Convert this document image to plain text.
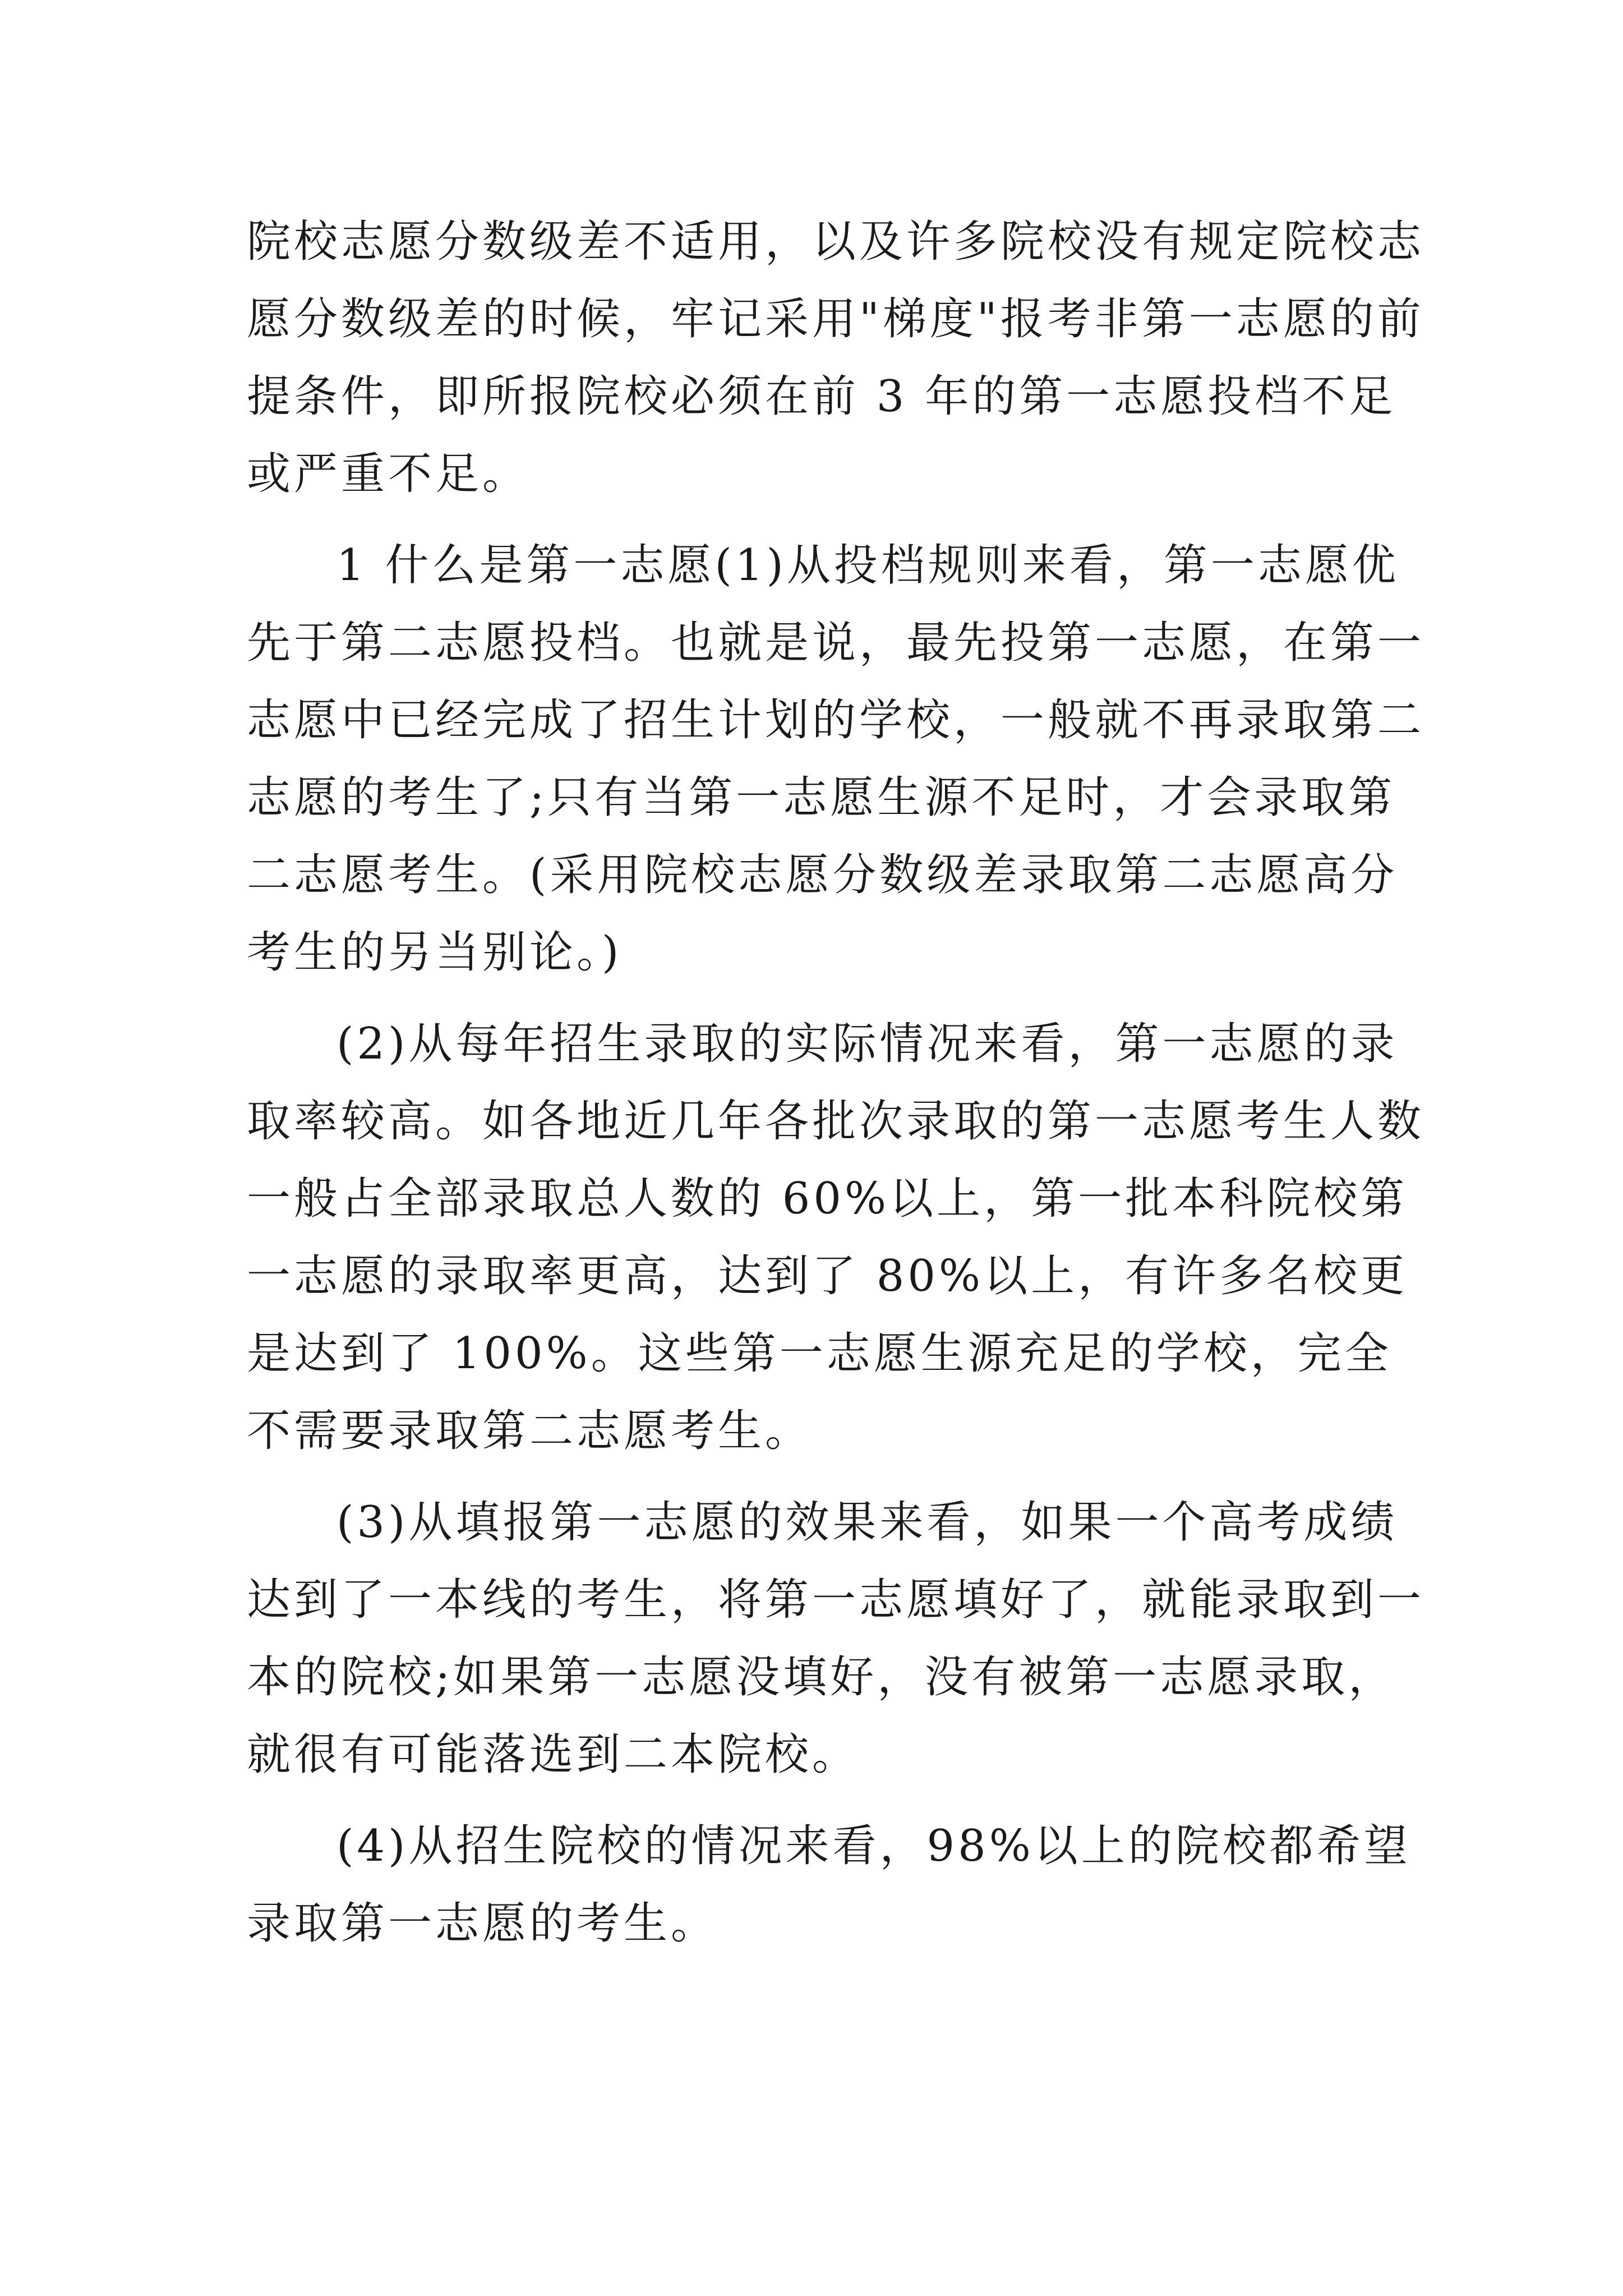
院校志愿分数级差不适用，以及许多院校没有规定院校志愿分数级差的时候，牢记采用"梯度"报考非第一志愿的前提条件，即所报院校必须在前 3 年的第一志愿投档不足或严重不足。

1 什么是第一志愿(1)从投档规则来看，第一志愿优先于第二志愿投档。也就是说，最先投第一志愿，在第一志愿中已经完成了招生计划的学校，一般就不再录取第二志愿的考生了;只有当第一志愿生源不足时，才会录取第二志愿考生。(采用院校志愿分数级差录取第二志愿高分考生的另当别论。)

(2)从每年招生录取的实际情况来看，第一志愿的录取率较高。如各地近几年各批次录取的第一志愿考生人数一般占全部录取总人数的 60%以上，第一批本科院校第一志愿的录取率更高，达到了 80%以上，有许多名校更是达到了 100%。这些第一志愿生源充足的学校，完全不需要录取第二志愿考生。

(3)从填报第一志愿的效果来看，如果一个高考成绩达到了一本线的考生，将第一志愿填好了，就能录取到一本的院校;如果第一志愿没填好，没有被第一志愿录取，就很有可能落选到二本院校。

(4)从招生院校的情况来看，98%以上的院校都希望录取第一志愿的考生。
